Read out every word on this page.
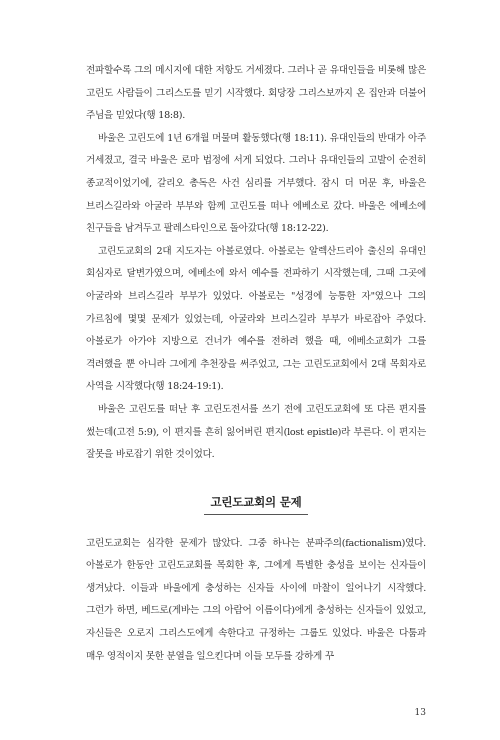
전파할수록 그의 메시지에 대한 저항도 거세졌다. 그러나 곧 유대인들을 비롯해 많은 고린도 사람들이 그리스도를 믿기 시작했다. 회당장 그리스보까지 온 집안과 더불어 주님을 믿었다(행 18:8).

바울은 고린도에 1년 6개월 머물며 활동했다(행 18:11). 유대인들의 반대가 아주 거세졌고, 결국 바울은 로마 법정에 서게 되었다. 그러나 유대인들의 고발이 순전히 종교적이었기에, 갈리오 총독은 사건 심리를 거부했다. 잠시 더 머문 후, 바울은 브리스길라와 아굴라 부부와 함께 고린도를 떠나 에베소로 갔다. 바울은 에베소에 친구들을 남겨두고 팔레스타인으로 돌아갔다(행 18:12-22).

고린도교회의 2대 지도자는 아볼로였다. 아볼로는 알렉산드리아 출신의 유대인 회심자로 달변가였으며, 에베소에 와서 예수를 전파하기 시작했는데, 그때 그곳에 아굴라와 브리스길라 부부가 있었다. 아볼로는 "성경에 능통한 자"였으나 그의 가르침에 몇몇 문제가 있었는데, 아굴라와 브리스길라 부부가 바로잡아 주었다. 아볼로가 아가야 지방으로 건너가 예수를 전하려 했을 때, 에베소교회가 그를 격려했을 뿐 아니라 그에게 추천장을 써주었고, 그는 고린도교회에서 2대 목회자로 사역을 시작했다(행 18:24-19:1).

바울은 고린도를 떠난 후 고린도전서를 쓰기 전에 고린도교회에 또 다른 편지를 썼는데(고전 5:9), 이 편지를 흔히 잃어버린 편지(lost epistle)라 부른다. 이 편지는 잘못을 바로잡기 위한 것이었다.

고린도교회의 문제

고린도교회는 심각한 문제가 많았다. 그중 하나는 분파주의(factionalism)였다. 아볼로가 한동안 고린도교회를 목회한 후, 그에게 특별한 충성을 보이는 신자들이 생겨났다. 이들과 바울에게 충성하는 신자들 사이에 마찰이 일어나기 시작했다. 그런가 하면, 베드로(게바는 그의 아람어 이름이다)에게 충성하는 신자들이 있었고, 자신들은 오로지 그리스도에게 속한다고 규정하는 그룹도 있었다. 바울은 다툼과 매우 영적이지 못한 분열을 일으킨다며 이들 모두를 강하게 꾸

13
